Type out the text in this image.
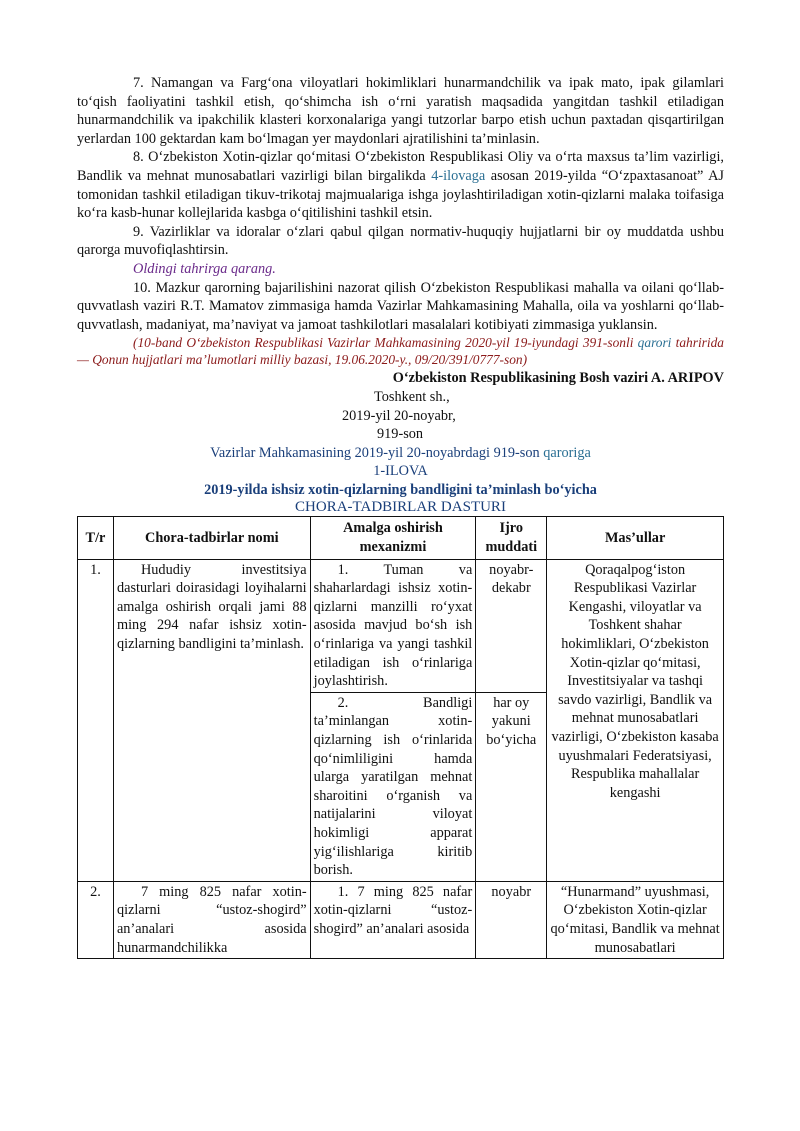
7. Namangan va Farg‘ona viloyatlari hokimliklari hunarmandchilik va ipak mato, ipak gilamlari to‘qish faoliyatini tashkil etish, qo‘shimcha ish o‘rni yaratish maqsadida yangitdan tashkil etiladigan hunarmandchilik va ipakchilik klasteri korxonalariga yangi tutzorlar barpo etish uchun paxtadan qisqartirilgan yerlardan 100 gektardan kam bo‘lmagan yer maydonlari ajratilishini ta’minlasin.

8. O‘zbekiston Xotin-qizlar qo‘mitasi O‘zbekiston Respublikasi Oliy va o‘rta maxsus ta’lim vazirligi, Bandlik va mehnat munosabatlari vazirligi bilan birgalikda 4-ilovaga asosan 2019-yilda “O‘zpaxtasanoat” AJ tomonidan tashkil etiladigan tikuv-trikotaj majmualariga ishga joylashtiriladigan xotin-qizlarni malaka toifasiga ko‘ra kasb-hunar kollejlarida kasbga o‘qitilishini tashkil etsin.

9. Vazirliklar va idoralar o‘zlari qabul qilgan normativ-huquqiy hujjatlarni bir oy muddatda ushbu qarorga muvofiqlashtirsin.

Oldingi tahrirga qarang.

10. Mazkur qarorning bajarilishini nazorat qilish O‘zbekiston Respublikasi mahalla va oilani qo‘llab-quvvatlash vaziri R.T. Mamatov zimmasiga hamda Vazirlar Mahkamasining Mahalla, oila va yoshlarni qo‘llab-quvvatlash, madaniyat, ma’naviyat va jamoat tashkilotlari masalalari kotibiyati zimmasiga yuklansin.

(10-band O‘zbekiston Respublikasi Vazirlar Mahkamasining 2020-yil 19-iyundagi 391-sonli qarori tahririda — Qonun hujjatlari ma’lumotlari milliy bazasi, 19.06.2020-y., 09/20/391/0777-son)

O‘zbekiston Respublikasining Bosh vaziri A. ARIPOV
Toshkent sh.,
2019-yil 20-noyabr,
919-son
Vazirlar Mahkamasining 2019-yil 20-noyabrdagi 919-son qaroriga
1-ILOVA
2019-yilda ishsiz xotin-qizlarning bandligini ta’minlash bo‘yicha
CHORA-TADBIRLAR DASTURI
T/r	Chora-tadbirlar nomi	Amalga oshirish mexanizmi	Ijro muddati	Mas’ullar
1.	Hududiy investitsiya dasturlari doirasidagi loyihalarni amalga oshirish orqali jami 88 ming 294 nafar ishsiz xotin-qizlarning bandligini ta’minlash.	1. Tuman va shaharlardagi ishsiz xotin-qizlarni manzilli ro‘yxat asosida mavjud bo‘sh ish o‘rinlariga va yangi tashkil etiladigan ish o‘rinlariga joylashtirish.	noyabr-dekabr	Qoraqalpog‘iston Respublikasi Vazirlar Kengashi, viloyatlar va Toshkent shahar hokimliklari, O‘zbekiston Xotin-qizlar qo‘mitasi, Investitsiyalar va tashqi savdo vazirligi, Bandlik va mehnat munosabatlari vazirligi, O‘zbekiston kasaba uyushmalari Federatsiyasi, Respublika mahallalar kengashi
		2. Bandligi ta’minlangan xotin-qizlarning ish o‘rinlarida qo‘nimliligini hamda ularga yaratilgan mehnat sharoitini o‘rganish va natijalarini viloyat hokimligi apparat yig‘ilishlariga kiritib borish.	har oy yakuni bo‘yicha	
2.	7 ming 825 nafar xotin-qizlarni “ustoz-shogird” an’analari asosida hunarmandchilikka	1. 7 ming 825 nafar xotin-qizlarni “ustoz-shogird” an’analari asosida	noyabr	“Hunarmand” uyushmasi, O‘zbekiston Xotin-qizlar qo‘mitasi, Bandlik va mehnat munosabatlari
